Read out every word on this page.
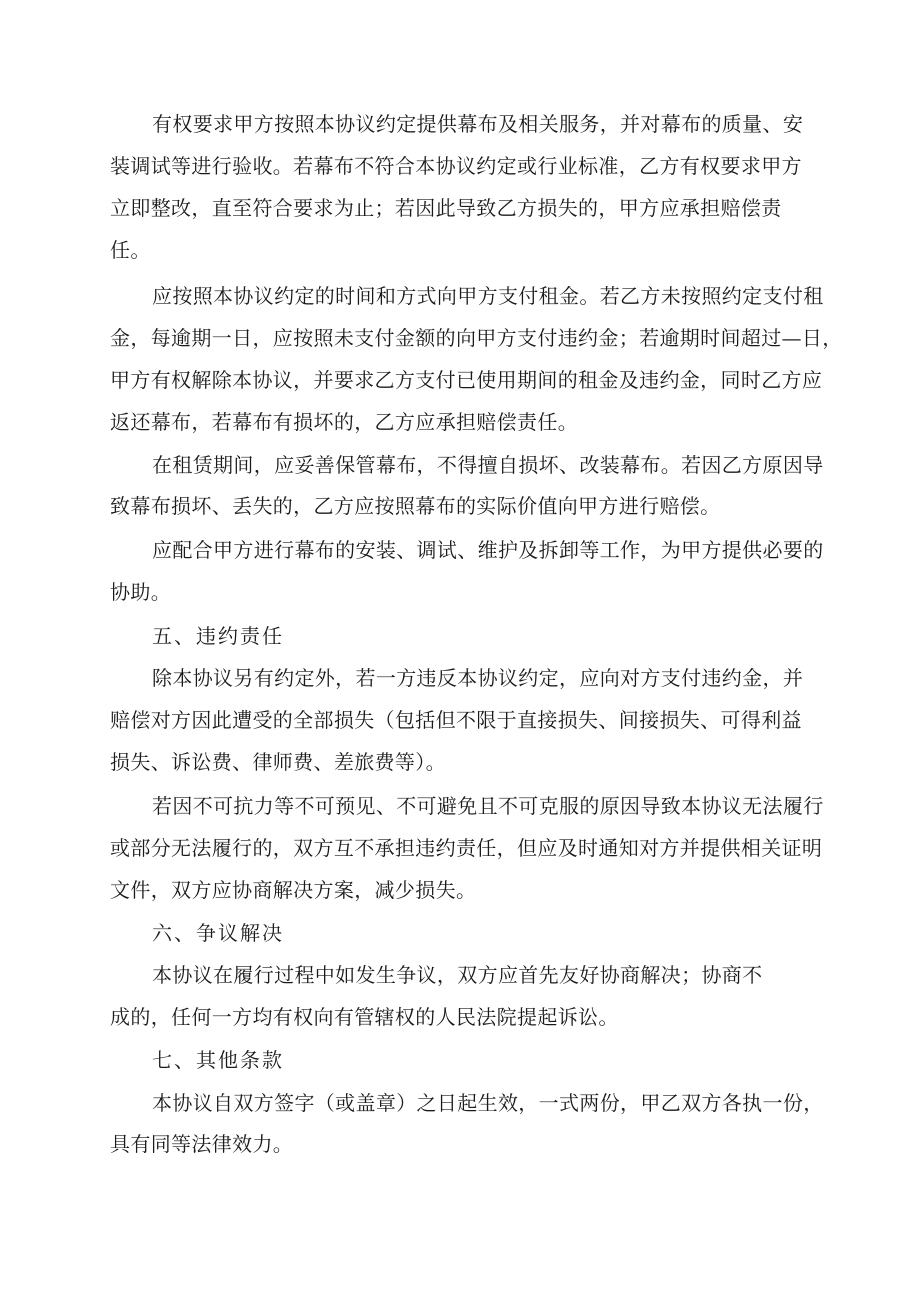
有权要求甲方按照本协议约定提供幕布及相关服务，并对幕布的质量、安

装调试等进行验收。若幕布不符合本协议约定或行业标准，乙方有权要求甲方

立即整改，直至符合要求为止；若因此导致乙方损失的，甲方应承担赔偿责

任。

应按照本协议约定的时间和方式向甲方支付租金。若乙方未按照约定支付租

金，每逾期一日，应按照未支付金额的向甲方支付违约金；若逾期时间超过—日，

甲方有权解除本协议，并要求乙方支付已使用期间的租金及违约金，同时乙方应

返还幕布，若幕布有损坏的，乙方应承担赔偿责任。

在租赁期间，应妥善保管幕布，不得擅自损坏、改装幕布。若因乙方原因导

致幕布损坏、丢失的，乙方应按照幕布的实际价值向甲方进行赔偿。

应配合甲方进行幕布的安装、调试、维护及拆卸等工作，为甲方提供必要的

协助。

五、违约责任

除本协议另有约定外，若一方违反本协议约定，应向对方支付违约金，并

赔偿对方因此遭受的全部损失（包括但不限于直接损失、间接损失、可得利益

损失、诉讼费、律师费、差旅费等）。

若因不可抗力等不可预见、不可避免且不可克服的原因导致本协议无法履行

或部分无法履行的，双方互不承担违约责任，但应及时通知对方并提供相关证明

文件，双方应协商解决方案，减少损失。

六、争议解决

本协议在履行过程中如发生争议，双方应首先友好协商解决；协商不

成的，任何一方均有权向有管辖权的人民法院提起诉讼。

七、其他条款

本协议自双方签字（或盖章）之日起生效，一式两份，甲乙双方各执一份，

具有同等法律效力。
